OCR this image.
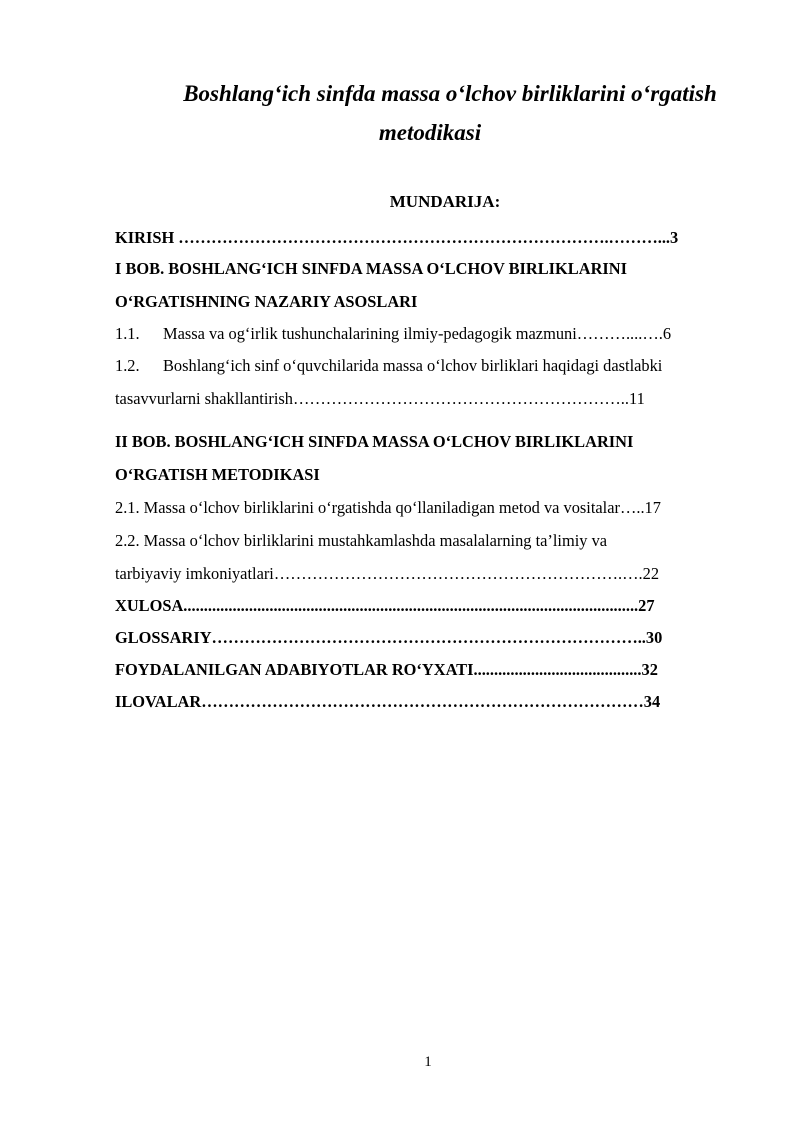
Boshlang‘ich sinfda massa o‘lchov birliklarini o‘rgatish
metodikasi
MUNDARIJA:
KIRISH …………………………………………………………………….………...3
I BOB. BOSHLANG‘ICH SINFDA MASSA O‘LCHOV BIRLIKLARINI
O‘RGATISHNING NAZARIY ASOSLARI
1.1. Massa va og‘irlik tushunchalarining ilmiy-pedagogik mazmuni………....….6
1.2. Boshlang‘ich sinf o‘quvchilarida massa o‘lchov birliklari haqidagi dastlabki
tasavvurlarni shakllantirish……………………………………………………..11
II BOB. BOSHLANG‘ICH SINFDA MASSA O‘LCHOV BIRLIKLARINI
O‘RGATISH METODIKASI
2.1. Massa o‘lchov birliklarini o‘rgatishda qo‘llaniladigan metod va vositalar…..17
2.2. Massa o‘lchov birliklarini mustahkamlashda masalalarning ta’limiy va
tarbiyaviy imkoniyatlari……………………………………………………….….22
XULOSA...............................................................................................................27
GLOSSARIY……………………………………………………………………..30
FOYDALANILGAN ADABIYOTLAR RO‘YXATI.........................................32
ILOVALAR………………………………………………………………………34
1
